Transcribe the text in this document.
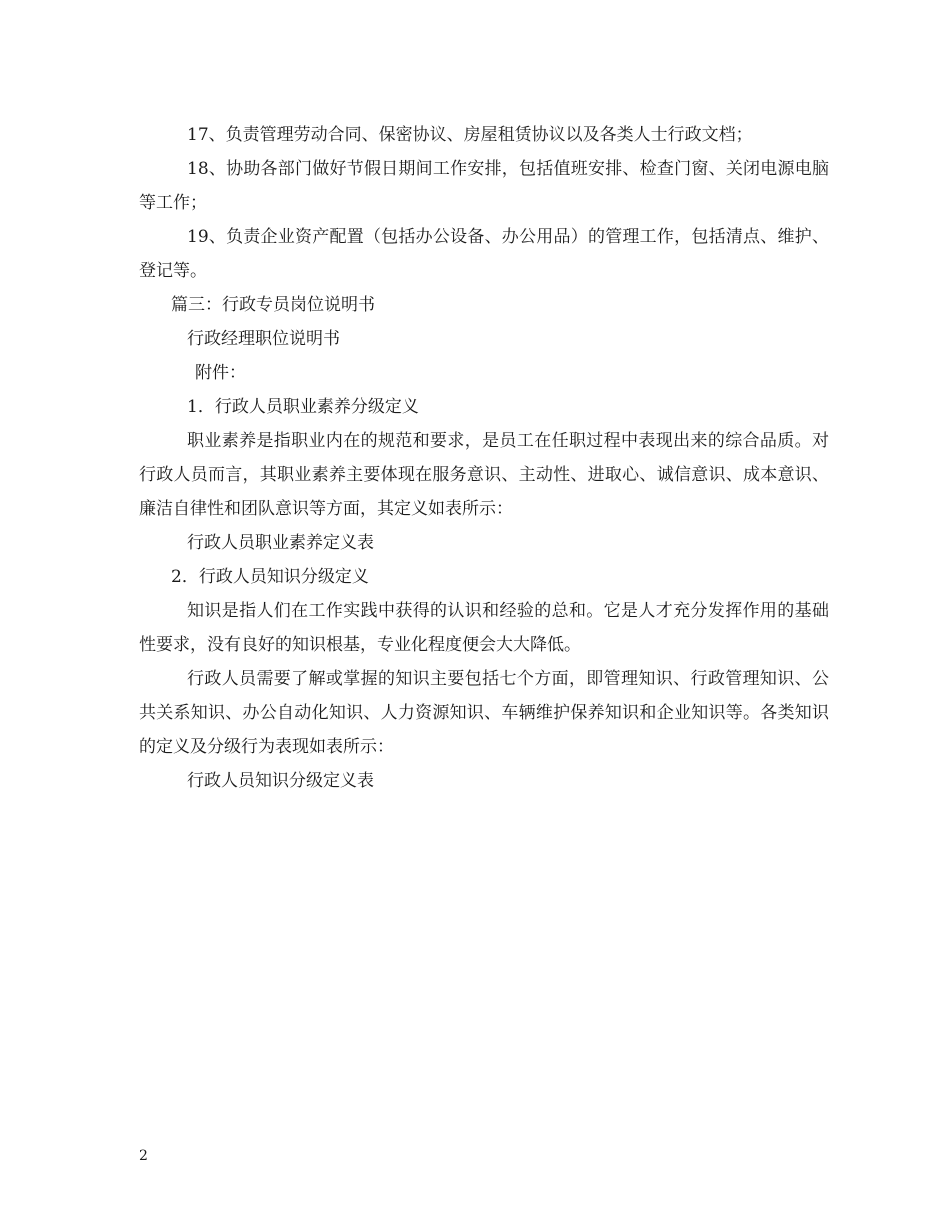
17、负责管理劳动合同、保密协议、房屋租赁协议以及各类人士行政文档；

18、协助各部门做好节假日期间工作安排，包括值班安排、检查门窗、关闭电源电脑等工作；

19、负责企业资产配置（包括办公设备、办公用品）的管理工作，包括清点、维护、登记等。

篇三：行政专员岗位说明书

行政经理职位说明书

附件：

1．行政人员职业素养分级定义

职业素养是指职业内在的规范和要求，是员工在任职过程中表现出来的综合品质。对行政人员而言，其职业素养主要体现在服务意识、主动性、进取心、诚信意识、成本意识、廉洁自律性和团队意识等方面，其定义如表所示：

行政人员职业素养定义表

2．行政人员知识分级定义

知识是指人们在工作实践中获得的认识和经验的总和。它是人才充分发挥作用的基础性要求，没有良好的知识根基，专业化程度便会大大降低。

行政人员需要了解或掌握的知识主要包括七个方面，即管理知识、行政管理知识、公共关系知识、办公自动化知识、人力资源知识、车辆维护保养知识和企业知识等。各类知识的定义及分级行为表现如表所示：

行政人员知识分级定义表

2
